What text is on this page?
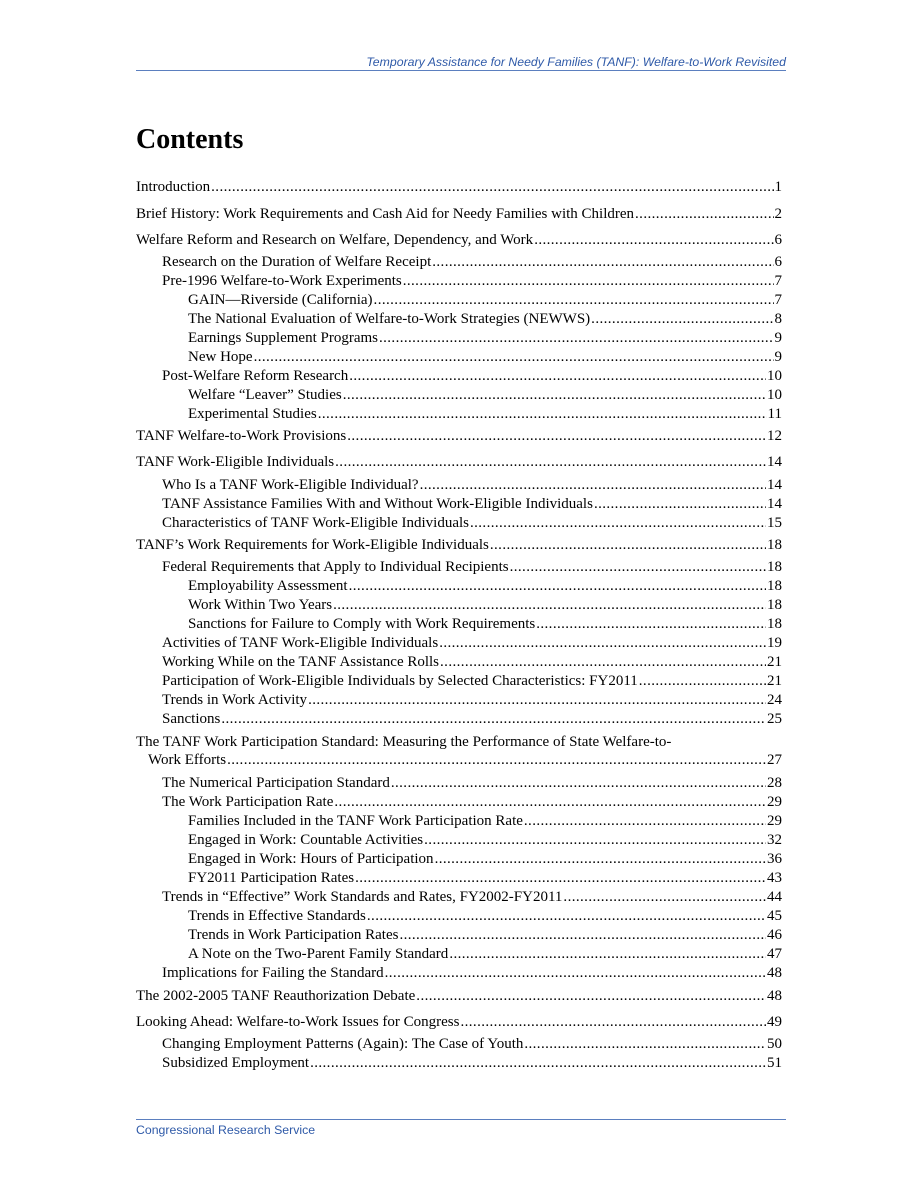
Temporary Assistance for Needy Families (TANF): Welfare-to-Work Revisited
Contents
Introduction .....	1
Brief History: Work Requirements and Cash Aid for Needy Families with Children .....	2
Welfare Reform and Research on Welfare, Dependency, and Work .....	6
Research on the Duration of Welfare Receipt .....	6
Pre-1996 Welfare-to-Work Experiments .....	7
GAIN—Riverside (California) .....	7
The National Evaluation of Welfare-to-Work Strategies (NEWWS) .....	8
Earnings Supplement Programs .....	9
New Hope .....	9
Post-Welfare Reform Research .....	10
Welfare “Leaver” Studies .....	10
Experimental Studies .....	11
TANF Welfare-to-Work Provisions .....	12
TANF Work-Eligible Individuals .....	14
Who Is a TANF Work-Eligible Individual? .....	14
TANF Assistance Families With and Without Work-Eligible Individuals .....	14
Characteristics of TANF Work-Eligible Individuals .....	15
TANF’s Work Requirements for Work-Eligible Individuals .....	18
Federal Requirements that Apply to Individual Recipients .....	18
Employability Assessment .....	18
Work Within Two Years .....	18
Sanctions for Failure to Comply with Work Requirements .....	18
Activities of TANF Work-Eligible Individuals .....	19
Working While on the TANF Assistance Rolls .....	21
Participation of Work-Eligible Individuals by Selected Characteristics: FY2011 .....	21
Trends in Work Activity .....	24
Sanctions .....	25
The TANF Work Participation Standard: Measuring the Performance of State Welfare-to-
Work Efforts .....	27
The Numerical Participation Standard .....	28
The Work Participation Rate .....	29
Families Included in the TANF Work Participation Rate .....	29
Engaged in Work: Countable Activities .....	32
Engaged in Work: Hours of Participation .....	36
FY2011 Participation Rates .....	43
Trends in “Effective” Work Standards and Rates, FY2002-FY2011 .....	44
Trends in Effective Standards .....	45
Trends in Work Participation Rates .....	46
A Note on the Two-Parent Family Standard .....	47
Implications for Failing the Standard .....	48
The 2002-2005 TANF Reauthorization Debate .....	48
Looking Ahead: Welfare-to-Work Issues for Congress .....	49
Changing Employment Patterns (Again): The Case of Youth .....	50
Subsidized Employment .....	51
Congressional Research Service
